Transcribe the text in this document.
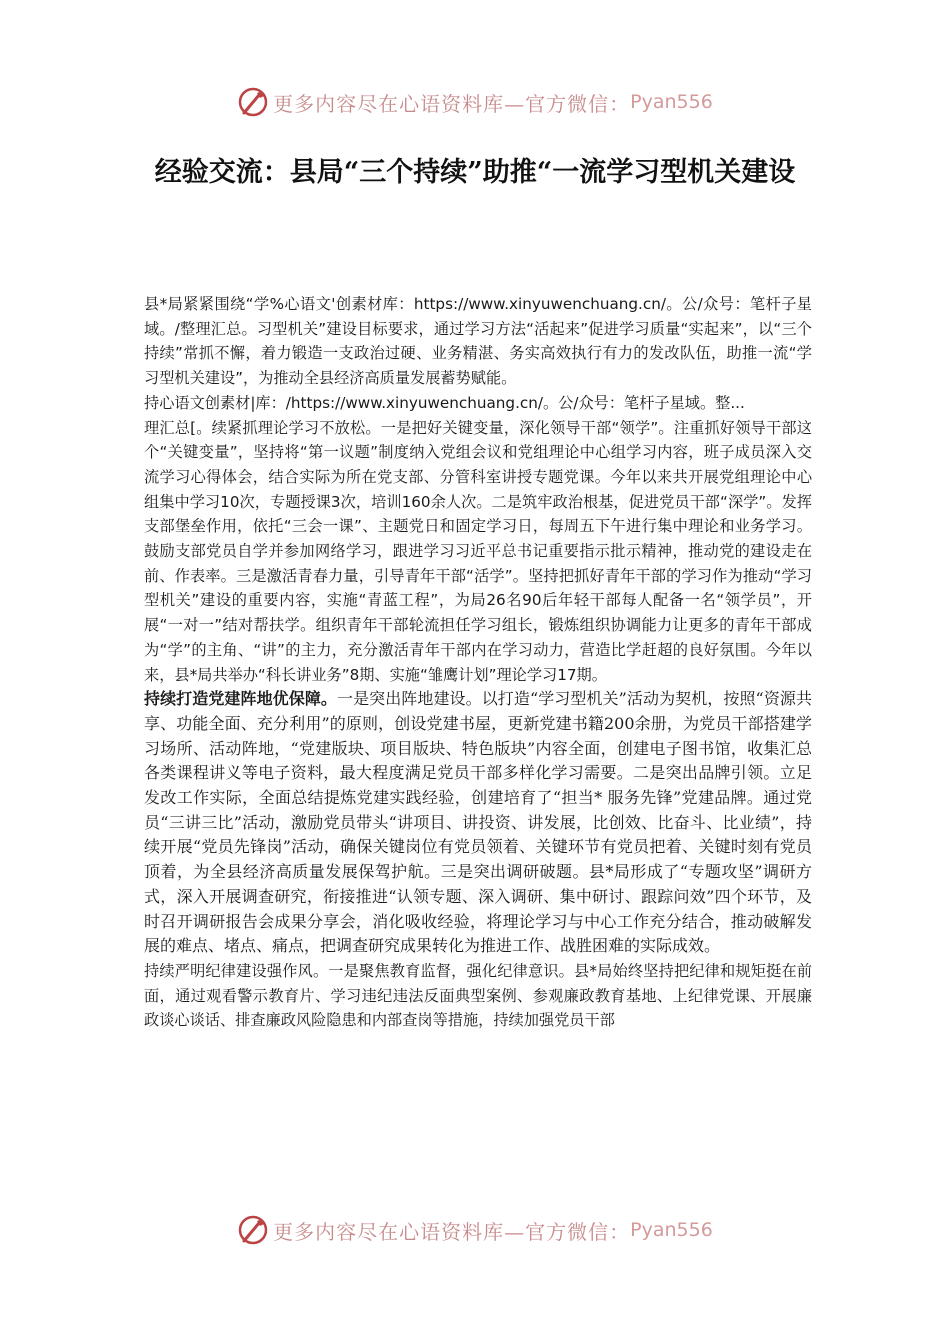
更多内容尽在心语资料库—官方微信： Pyan556
经验交流：县局“三个持续”助推“一流学习型机关建设

县*局紧紧围绕“学%心语文'创素材库：https://www.xinyuwenchuang.cn/。公/众号：笔杆子星域。/整理汇总。习型机关”建设目标要求，通过学习方法“活起来”促进学习质量“实起来”，以“三个持续”常抓不懈，着力锻造一支政治过硬、业务精湛、务实高效执行有力的发改队伍，助推一流“学习型机关建设”，为推动全县经济高质量发展蓄势赋能。

持心语文创素材|库：/https://www.xinyuwenchuang.cn/。公/众号：笔杆子星域。整...
理汇总[。续紧抓理论学习不放松。一是把好关键变量，深化领导干部“领学”。注重抓好领导干部这个“关键变量”，坚持将“第一议题”制度纳入党组会议和党组理论中心组学习内容，班子成员深入交流学习心得体会，结合实际为所在党支部、分管科室讲授专题党课。今年以来共开展党组理论中心组集中学习10次，专题授课3次，培训160余人次。二是筑牢政治根基，促进党员干部“深学”。发挥支部堡垒作用，依托“三会一课”、主题党日和固定学习日，每周五下午进行集中理论和业务学习。鼓励支部党员自学并参加网络学习，跟进学习习近平总书记重要指示批示精神，推动党的建设走在前、作表率。三是激活青春力量，引导青年干部“活学”。坚持把抓好青年干部的学习作为推动“学习型机关”建设的重要内容，实施“青蓝工程”，为局26名90后年轻干部每人配备一名“领学员”，开展“一对一”结对帮扶学。组织青年干部轮流担任学习组长，锻炼组织协调能力让更多的青年干部成为“学”的主角、“讲”的主力，充分激活青年干部内在学习动力，营造比学赶超的良好氛围。今年以来，县*局共举办“科长讲业务”8期、实施“雏鹰计划”理论学习17期。

持续打造党建阵地优保障。一是突出阵地建设。以打造“学习型机关”活动为契机，按照“资源共享、功能全面、充分利用”的原则，创设党建书屋，更新党建书籍200余册，为党员干部搭建学习场所、活动阵地，“党建版块、项目版块、特色版块”内容全面，创建电子图书馆，收集汇总各类课程讲义等电子资料，最大程度满足党员干部多样化学习需要。二是突出品牌引领。立足发改工作实际，全面总结提炼党建实践经验，创建培育了“担当* 服务先锋”党建品牌。通过党员“三讲三比”活动，激励党员带头“讲项目、讲投资、讲发展，比创效、比奋斗、比业绩”，持续开展“党员先锋岗”活动，确保关键岗位有党员领着、关键环节有党员把着、关键时刻有党员顶着，为全县经济高质量发展保驾护航。三是突出调研破题。县*局形成了“专题攻坚”调研方式，深入开展调查研究，衔接推进“认领专题、深入调研、集中研讨、跟踪问效”四个环节，及时召开调研报告会成果分享会，消化吸收经验，将理论学习与中心工作充分结合，推动破解发展的难点、堵点、痛点，把调查研究成果转化为推进工作、战胜困难的实际成效。

持续严明纪律建设强作风。一是聚焦教育监督，强化纪律意识。县*局始终坚持把纪律和规矩挺在前面，通过观看警示教育片、学习违纪违法反面典型案例、参观廉政教育基地、上纪律党课、开展廉政谈心谈话、排查廉政风险隐患和内部查岗等措施，持续加强党员干部

更多内容尽在心语资料库—官方微信： Pyan556
